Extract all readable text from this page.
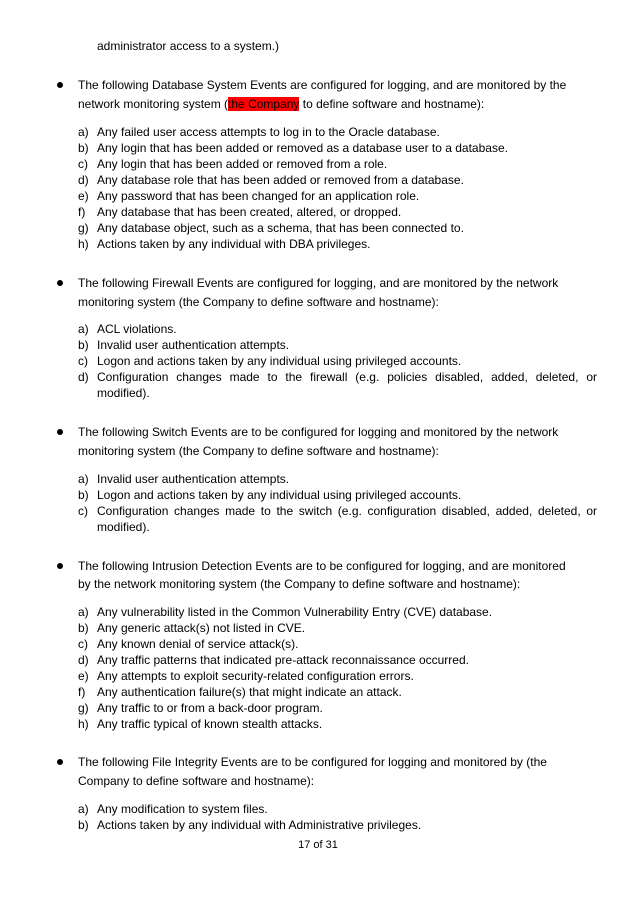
administrator access to a system.)
The following Database System Events are configured for logging, and are monitored by the
network monitoring system (the Company to define software and hostname):
a) Any failed user access attempts to log in to the Oracle database.
b) Any login that has been added or removed as a database user to a database.
c) Any login that has been added or removed from a role.
d) Any database role that has been added or removed from a database.
e) Any password that has been changed for an application role.
f) Any database that has been created, altered, or dropped.
g) Any database object, such as a schema, that has been connected to.
h) Actions taken by any individual with DBA privileges.
The following Firewall Events are configured for logging, and are monitored by the network
monitoring system (the Company to define software and hostname):
a) ACL violations.
b) Invalid user authentication attempts.
c) Logon and actions taken by any individual using privileged accounts.
d) Configuration changes made to the firewall (e.g. policies disabled, added, deleted, or
modified).
The following Switch Events are to be configured for logging and monitored by the network
monitoring system (the Company to define software and hostname):
a) Invalid user authentication attempts.
b) Logon and actions taken by any individual using privileged accounts.
c) Configuration changes made to the switch (e.g. configuration disabled, added, deleted, or
modified).
The following Intrusion Detection Events are to be configured for logging, and are monitored
by the network monitoring system (the Company to define software and hostname):
a) Any vulnerability listed in the Common Vulnerability Entry (CVE) database.
b) Any generic attack(s) not listed in CVE.
c) Any known denial of service attack(s).
d) Any traffic patterns that indicated pre-attack reconnaissance occurred.
e) Any attempts to exploit security-related configuration errors.
f) Any authentication failure(s) that might indicate an attack.
g) Any traffic to or from a back-door program.
h) Any traffic typical of known stealth attacks.
The following File Integrity Events are to be configured for logging and monitored by (the
Company to define software and hostname):
a) Any modification to system files.
b) Actions taken by any individual with Administrative privileges.
17 of 31
